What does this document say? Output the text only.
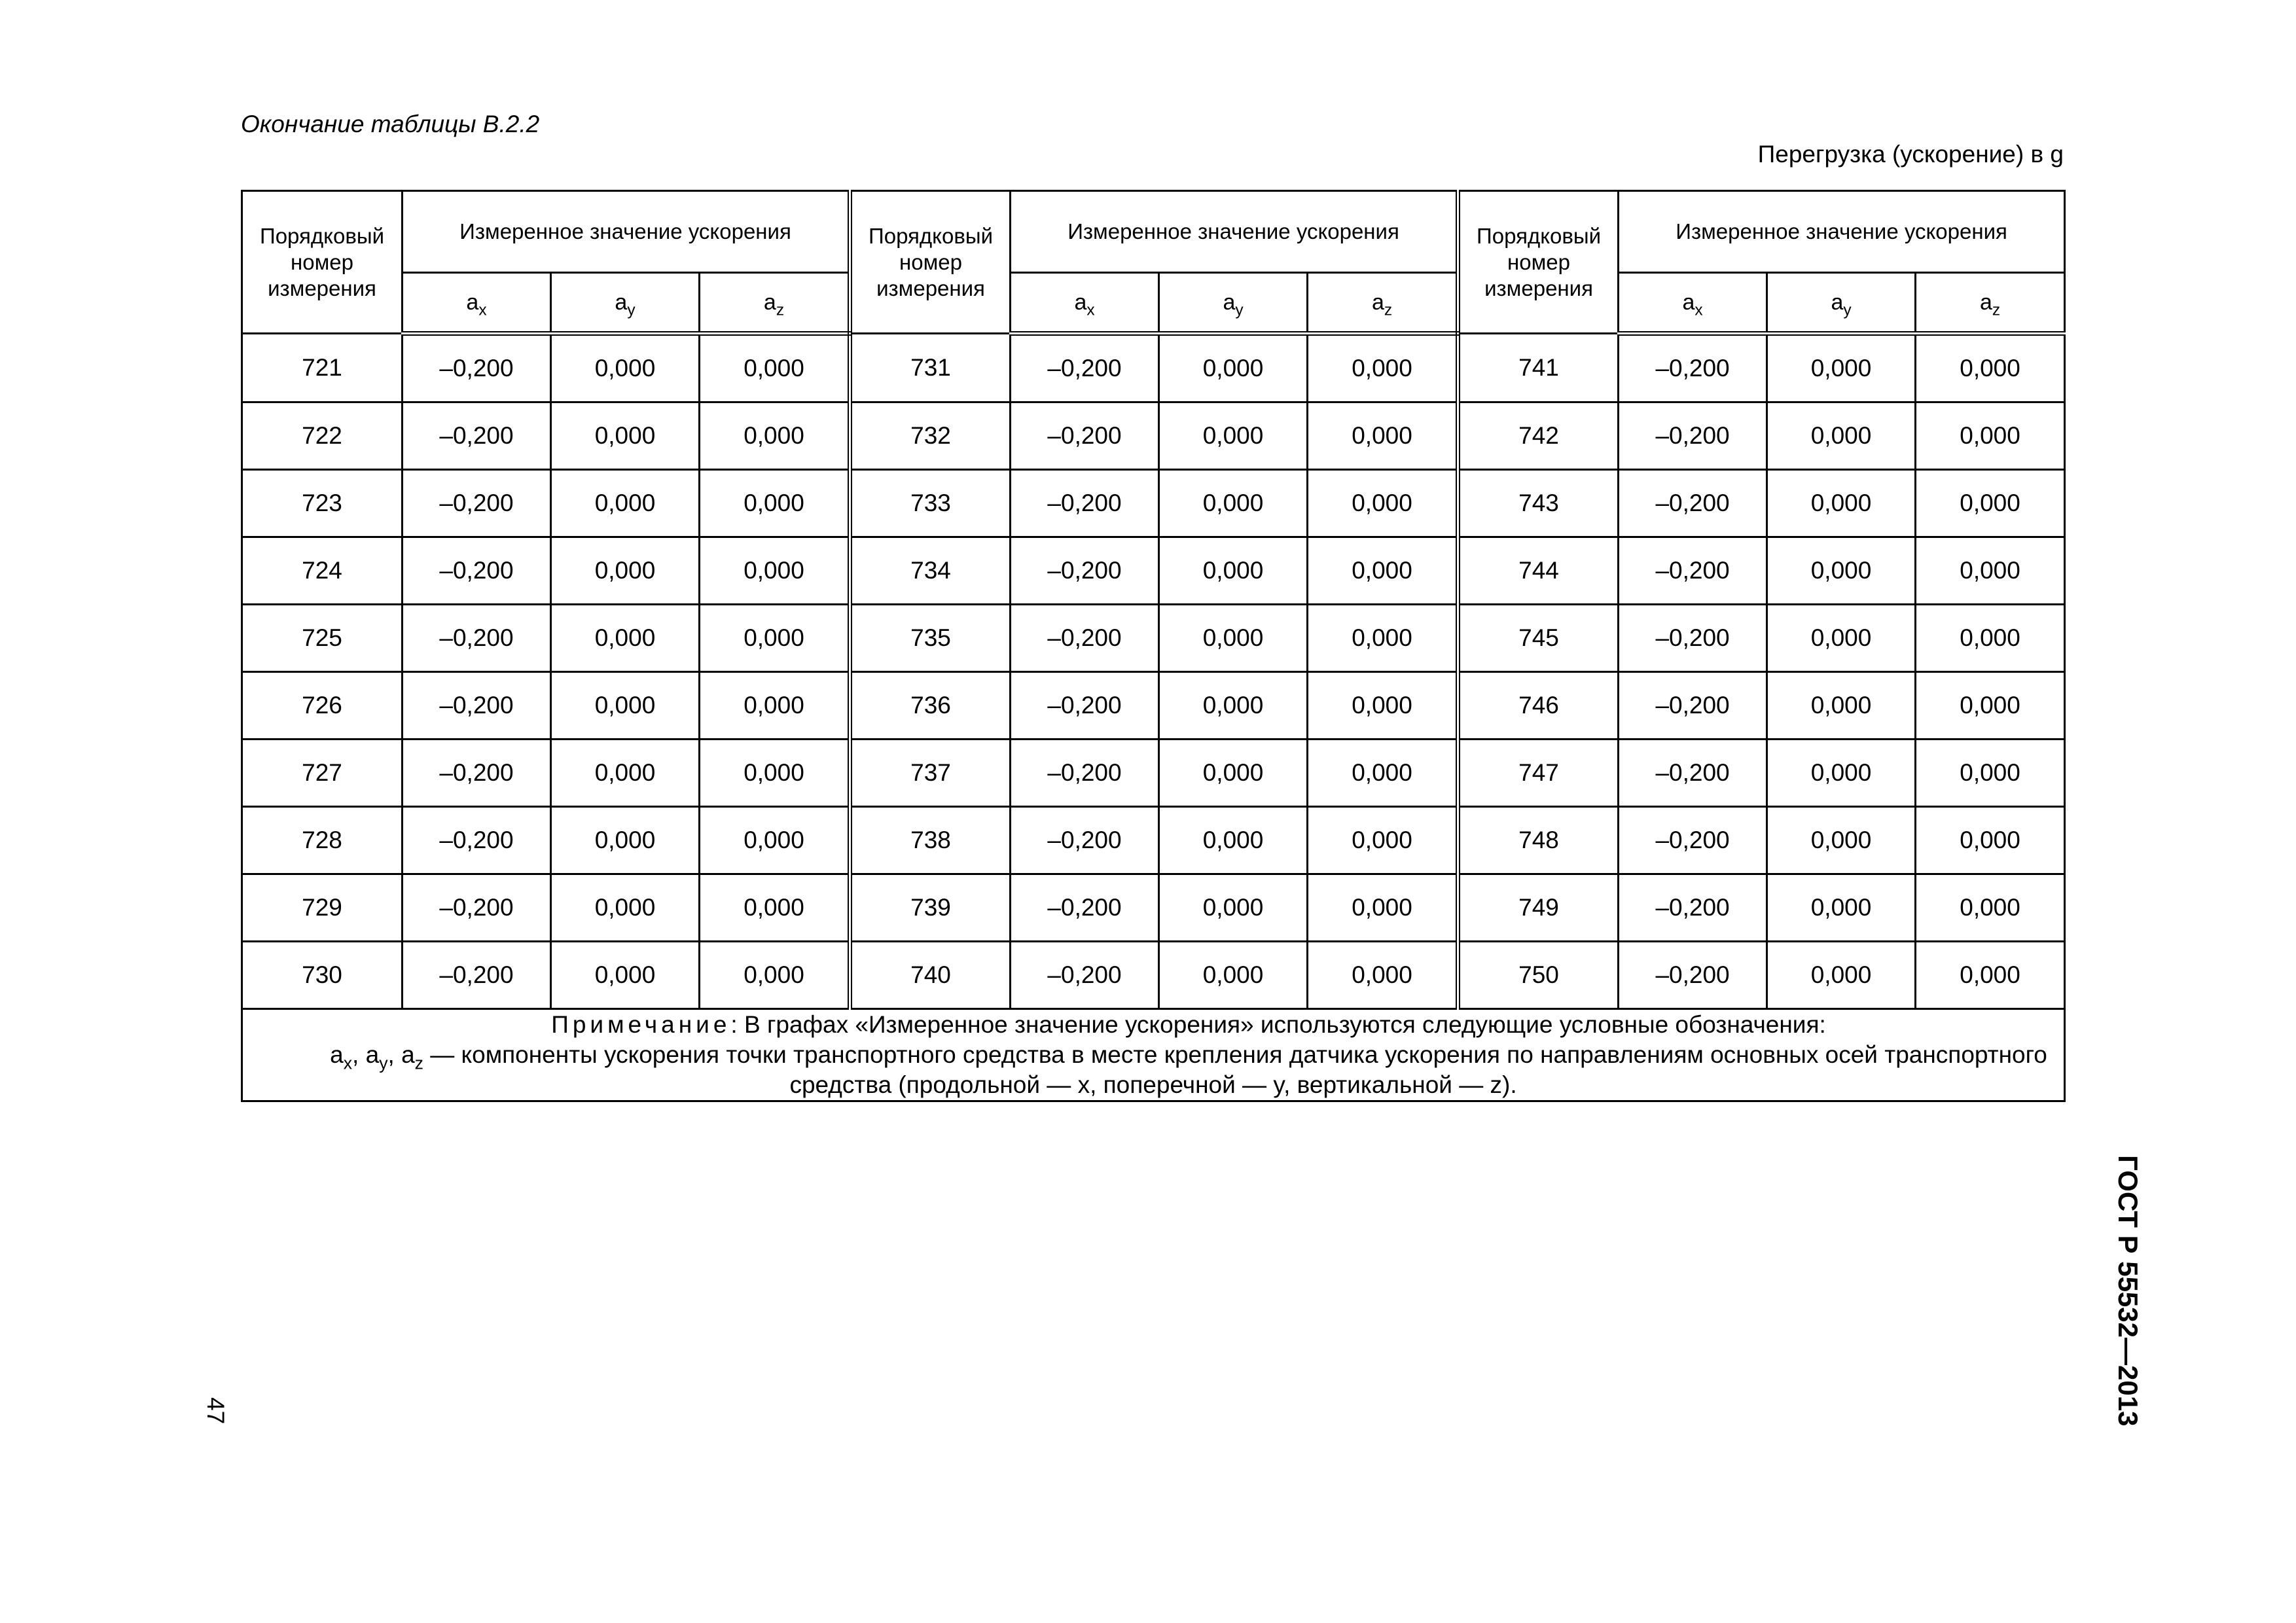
Окончание таблицы В.2.2
Перегрузка (ускорение) в g
Порядковый
номер
измерения	Измеренное значение ускорения			Порядковый
номер
измерения	Измеренное значение ускорения			Порядковый
номер
измерения	Измеренное значение ускорения		
	$a_x$	$a_y$	$a_z$		$a_x$	$a_y$	$a_z$		$a_x$	$a_y$	$a_z$
721	–0,200	0,000	0,000	731	–0,200	0,000	0,000	741	–0,200	0,000	0,000
722	–0,200	0,000	0,000	732	–0,200	0,000	0,000	742	–0,200	0,000	0,000
723	–0,200	0,000	0,000	733	–0,200	0,000	0,000	743	–0,200	0,000	0,000
724	–0,200	0,000	0,000	734	–0,200	0,000	0,000	744	–0,200	0,000	0,000
725	–0,200	0,000	0,000	735	–0,200	0,000	0,000	745	–0,200	0,000	0,000
726	–0,200	0,000	0,000	736	–0,200	0,000	0,000	746	–0,200	0,000	0,000
727	–0,200	0,000	0,000	737	–0,200	0,000	0,000	747	–0,200	0,000	0,000
728	–0,200	0,000	0,000	738	–0,200	0,000	0,000	748	–0,200	0,000	0,000
729	–0,200	0,000	0,000	739	–0,200	0,000	0,000	749	–0,200	0,000	0,000
730	–0,200	0,000	0,000	740	–0,200	0,000	0,000	750	–0,200	0,000	0,000

Примечание: В графах «Измеренное значение ускорения» используются следующие условные обозначения:
$a_x$, $a_y$, $a_z$ — компоненты ускорения точки транспортного средства в месте крепления датчика ускорения по направлениям основных осей транспортного средства (продольной — x, поперечной — y, вертикальной — z).											
ГОСТ Р 55532—2013
47
